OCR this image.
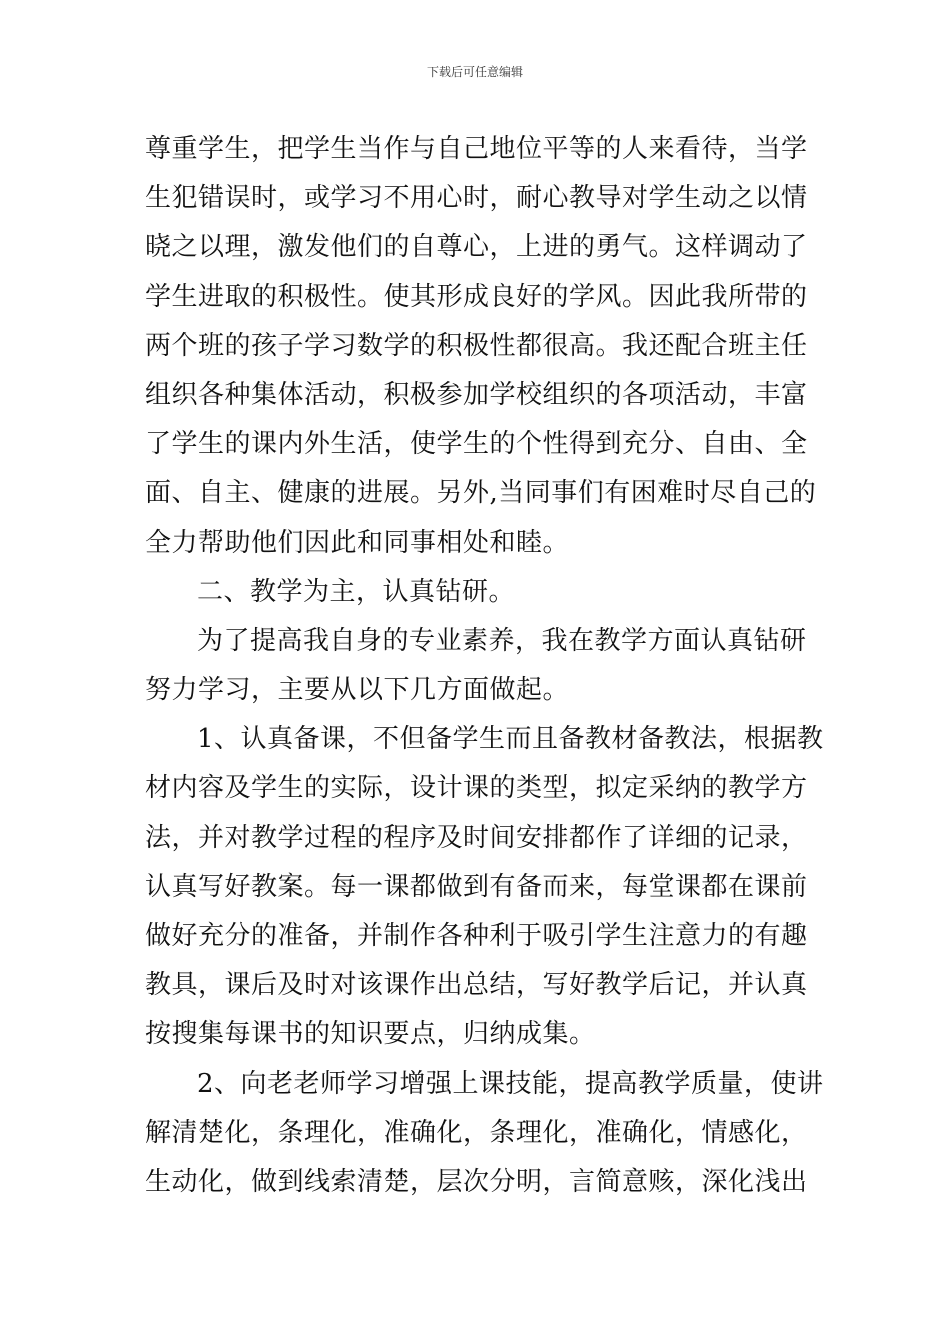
下载后可任意编辑
尊重学生，把学生当作与自己地位平等的人来看待，当学
生犯错误时，或学习不用心时，耐心教导对学生动之以情
晓之以理，激发他们的自尊心，上进的勇气。这样调动了
学生进取的积极性。使其形成良好的学风。因此我所带的
两个班的孩子学习数学的积极性都很高。我还配合班主任
组织各种集体活动，积极参加学校组织的各项活动，丰富
了学生的课内外生活，使学生的个性得到充分、自由、全
面、自主、健康的进展。另外,当同事们有困难时尽自己的
全力帮助他们因此和同事相处和睦。
二、教学为主，认真钻研。
为了提高我自身的专业素养，我在教学方面认真钻研
努力学习，主要从以下几方面做起。
1、认真备课，不但备学生而且备教材备教法，根据教
材内容及学生的实际，设计课的类型，拟定采纳的教学方
法，并对教学过程的程序及时间安排都作了详细的记录，
认真写好教案。每一课都做到有备而来，每堂课都在课前
做好充分的准备，并制作各种利于吸引学生注意力的有趣
教具，课后及时对该课作出总结，写好教学后记，并认真
按搜集每课书的知识要点，归纳成集。
2、向老老师学习增强上课技能，提高教学质量，使讲
解清楚化，条理化，准确化，条理化，准确化，情感化，
生动化，做到线索清楚，层次分明，言简意赅，深化浅出
